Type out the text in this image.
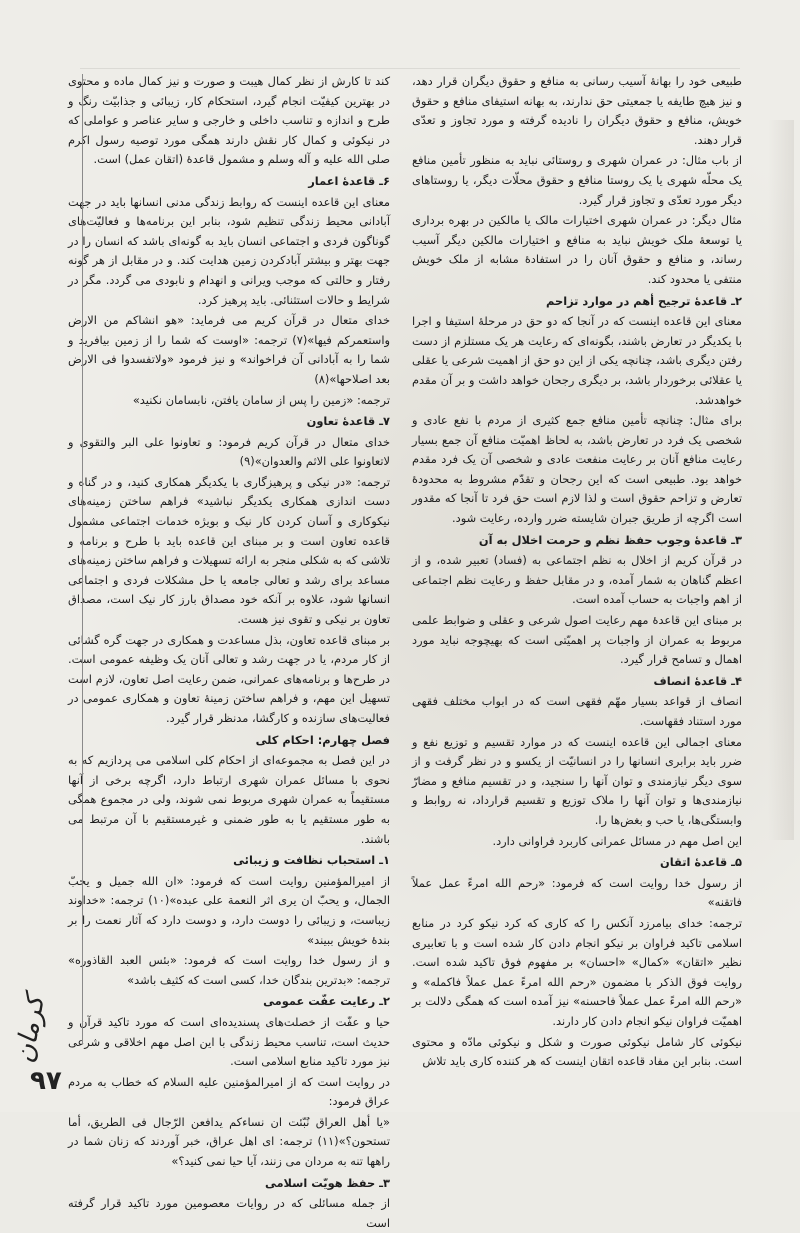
طبیعی خود را بهانهٔ آسیب رسانی به منافع و حقوق دیگران قرار دهد، و نیز هیچ طایفه یا جمعیتی حق ندارند، به بهانه استیفای منافع و حقوق خویش، منافع و حقوق دیگران را نادیده گرفته و مورد تجاوز و تعدّی قرار دهند.

از باب مثال: در عمران شهری و روستائی نباید به منظور تأمین منافع یک محلّه شهری یا یک روستا منافع و حقوق محلّات دیگر، یا روستاهای دیگر مورد تعدّی و تجاوز قرار گیرد.

مثال دیگر: در عمران شهری اختیارات مالک یا مالکین در بهره برداری یا توسعهٔ ملک خویش نباید به منافع و اختیارات مالکین دیگر آسیب رساند، و منافع و حقوق آنان را در استفادهٔ مشابه از ملک خویش منتفی یا محدود کند.

۲ـ قاعدهٔ ترجیح أهم در موارد تزاحم

معنای این قاعده اینست که در آنجا که دو حق در مرحلهٔ استیفا و اجرا با یکدیگر در تعارض باشند، بگونه‌ای که رعایت هر یک مستلزم از دست رفتن دیگری باشد، چنانچه یکی از این دو حق از اهمیت شرعی یا عقلی یا عقلائی برخوردار باشد، بر دیگری رجحان خواهد داشت و بر آن مقدم خواهدشد.

برای مثال: چنانچه تأمین منافع جمع کثیری از مردم با نفع عادی و شخصی یک فرد در تعارض باشد، به لحاظ اهمیّت منافع آن جمع بسیار رعایت منافع آنان بر رعایت منفعت عادی و شخصی آن یک فرد مقدم خواهد بود. طبیعی است که این رجحان و تقدّم مشروط به محدودهٔ تعارض و تزاحم حقوق است و لذا لازم است حق فرد تا آنجا که مقدور است اگرچه از طریق جبران شایسته ضرر وارده، رعایت شود.

۳ـ قاعدهٔ وجوب حفظ نظم و حرمت اخلال به آن

در قرآن کریم از اخلال به نظم اجتماعی به (فساد) تعبیر شده، و از اعظم گناهان به شمار آمده، و در مقابل حفظ و رعایت نظم اجتماعی از اهم واجبات به حساب آمده است.

بر مبنای این قاعدهٔ مهم رعایت اصول شرعی و عقلی و ضوابط علمی مربوط به عمران از واجبات پر اهمیّتی است که بهیچوجه نباید مورد اهمال و تسامح قرار گیرد.

۴ـ قاعدهٔ انصاف

انصاف از قواعد بسیار مهّم فقهی است که در ابواب مختلف فقهی مورد استناد فقهاست.

معنای اجمالی این قاعده اینست که در موارد تقسیم و توزیع نفع و ضرر باید برابری انسانها را در انسانیّت از یکسو و در نظر گرفت و از سوی دیگر نیازمندی و توان آنها را سنجید، و در تقسیم منافع و مضارّ نیازمندی‌ها و توان آنها را ملاک توزیع و تقسیم قرارداد، نه روابط و وابستگی‌ها، یا حب و بغض‌ها را.

این اصل مهم در مسائل عمرانی کاربرد فراوانی دارد.

۵ـ قاعدهٔ اتقان

از رسول خدا روایت است که فرمود: «رحم الله امرءً عمل عملاً فاتقنه»

ترجمه: خدای بیامرزد آنکس را که کاری که کرد نیکو کرد در منابع اسلامی تاکید فراوان بر نیکو انجام دادن کار شده است و با تعابیری نظیر «اتقان» «کمال» «احسان» بر مفهوم فوق تاکید شده است. روایت فوق الذکر با مضمون «رحم الله امرءً عمل عملاً فاکمله» و «رحم الله امرءً عمل عملاً فاحسنه» نیز آمده است که همگی دلالت بر اهمیّت فراوان نیکو انجام دادن کار دارند.

نیکوئی کار شامل نیکوئی صورت و شکل و نیکوئی مادّه و محتوی است. بنابر این مفاد قاعده اتقان اینست که هر کننده کاری باید تلاش

کند تا کارش از نظر کمال هیبت و صورت و نیز کمال ماده و محتوی در بهترین کیفیّت انجام گیرد، استحکام کار، زیبائی و جذابیّت رنگ و طرح و اندازه و تناسب داخلی و خارجی و سایر عناصر و عواملی که در نیکوئی و کمال کار نقش دارند همگی مورد توصیه رسول اکرم صلی الله علیه و آله وسلم و مشمول قاعدهٔ (اتقان عمل) است.

۶ـ قاعدهٔ اعمار

معنای این قاعده اینست که روابط زندگی مدنی انسانها باید در جهت آبادانی محیط زندگی تنظیم شود، بنابر این برنامه‌ها و فعالیّت‌های گوناگون فردی و اجتماعی انسان باید به گونه‌ای باشد که انسان را در جهت بهتر و بیشتر آبادکردن زمین هدایت کند. و در مقابل از هر گونه رفتار و حالتی که موجب ویرانی و انهدام و نابودی می گردد. مگر در شرایط و حالات استثنائی. باید پرهیز کرد.

خدای متعال در قرآن کریم می فرماید: «هو انشاکم من الارض واستعمرکم فیها»(۷) ترجمه: «اوست که شما را از زمین بیافرید و شما را به آبادانی آن فراخواند» و نیز فرمود «ولاتفسدوا فی الارض بعد اصلاحها»(۸)

ترجمه: «زمین را پس از سامان یافتن، نابسامان نکنید»

۷ـ قاعدهٔ تعاون

خدای متعال در قرآن کریم فرمود: و تعاونوا علی البر والتقوی و لاتعاونوا علی الاثم والعدوان»(۹)

ترجمه: «در نیکی و پرهیزگاری با یکدیگر همکاری کنید، و در گناه و دست اندازی همکاری یکدیگر نباشید» فراهم ساختن زمینه‌های نیکوکاری و آسان کردن کار نیک و بویژه خدمات اجتماعی مشمول قاعده تعاون است و بر مبنای این قاعده باید با طرح و برنامه و تلاشی که به شکلی منجر به ارائه تسهیلات و فراهم ساختن زمینه‌های مساعد برای رشد و تعالی جامعه یا حل مشکلات فردی و اجتماعی انسانها شود، علاوه بر آنکه خود مصداق بارز کار نیک است، مصداق تعاون بر نیکی و تقوی نیز هست.

بر مبنای قاعده تعاون، بذل مساعدت و همکاری در جهت گره گشائی از کار مردم، یا در جهت رشد و تعالی آنان یک وظیفه عمومی است. در طرح‌ها و برنامه‌های عمرانی، ضمن رعایت اصل تعاون، لازم است تسهیل این مهم، و فراهم ساختن زمینهٔ تعاون و همکاری عمومی در فعالیت‌های سازنده و کارگشا، مدنظر قرار گیرد.

فصل چهارم: احکام کلی

در این فصل به مجموعه‌ای از احکام کلی اسلامی می پردازیم که به نحوی با مسائل عمران شهری ارتباط دارد، اگرچه برخی از آنها مستقیماً به عمران شهری مربوط نمی شوند، ولی در مجموع همگی به طور مستقیم یا به طور ضمنی و غیرمستقیم با آن مرتبط می باشند.

۱ـ استحباب نظافت و زیبائی

از امیرالمؤمنین روایت است که فرمود: «ان الله جمیل و یحبّ الجمال، و یحبّ ان یری اثر النعمة علی عبده»(۱۰) ترجمه: «خداوند زیباست، و زیبائی را دوست دارد، و دوست دارد که آثار نعمت را بر بندهٔ خویش ببیند»

و از رسول خدا روایت است که فرمود: «بئس العبد القاذوره» ترجمه: «بدترین بندگان خدا، کسی است که کثیف باشد»

۲ـ رعایت عفّت عمومی

حیا و عفّت از خصلت‌های پسندیده‌ای است که مورد تاکید قرآن و حدیث است، تناسب محیط زندگی با این اصل مهم اخلاقی و شرعی نیز مورد تاکید منابع اسلامی است.

در روایت است که از امیرالمؤمنین علیه السلام که خطاب به مردم عراق فرمود:

«یا أهل العراق نُبّئت ان نساءکم یدافعن الرّجال فی الطریق، أما تستحون؟»(۱۱) ترجمه: ای اهل عراق، خبر آوردند که زنان شما در راهها تنه به مردان می زنند، آیا حیا نمی کنید؟»

۳ـ حفظ هویّت اسلامی

از جمله مسائلی که در روایات معصومین مورد تاکید قرار گرفته است

کرمان
۹۷
